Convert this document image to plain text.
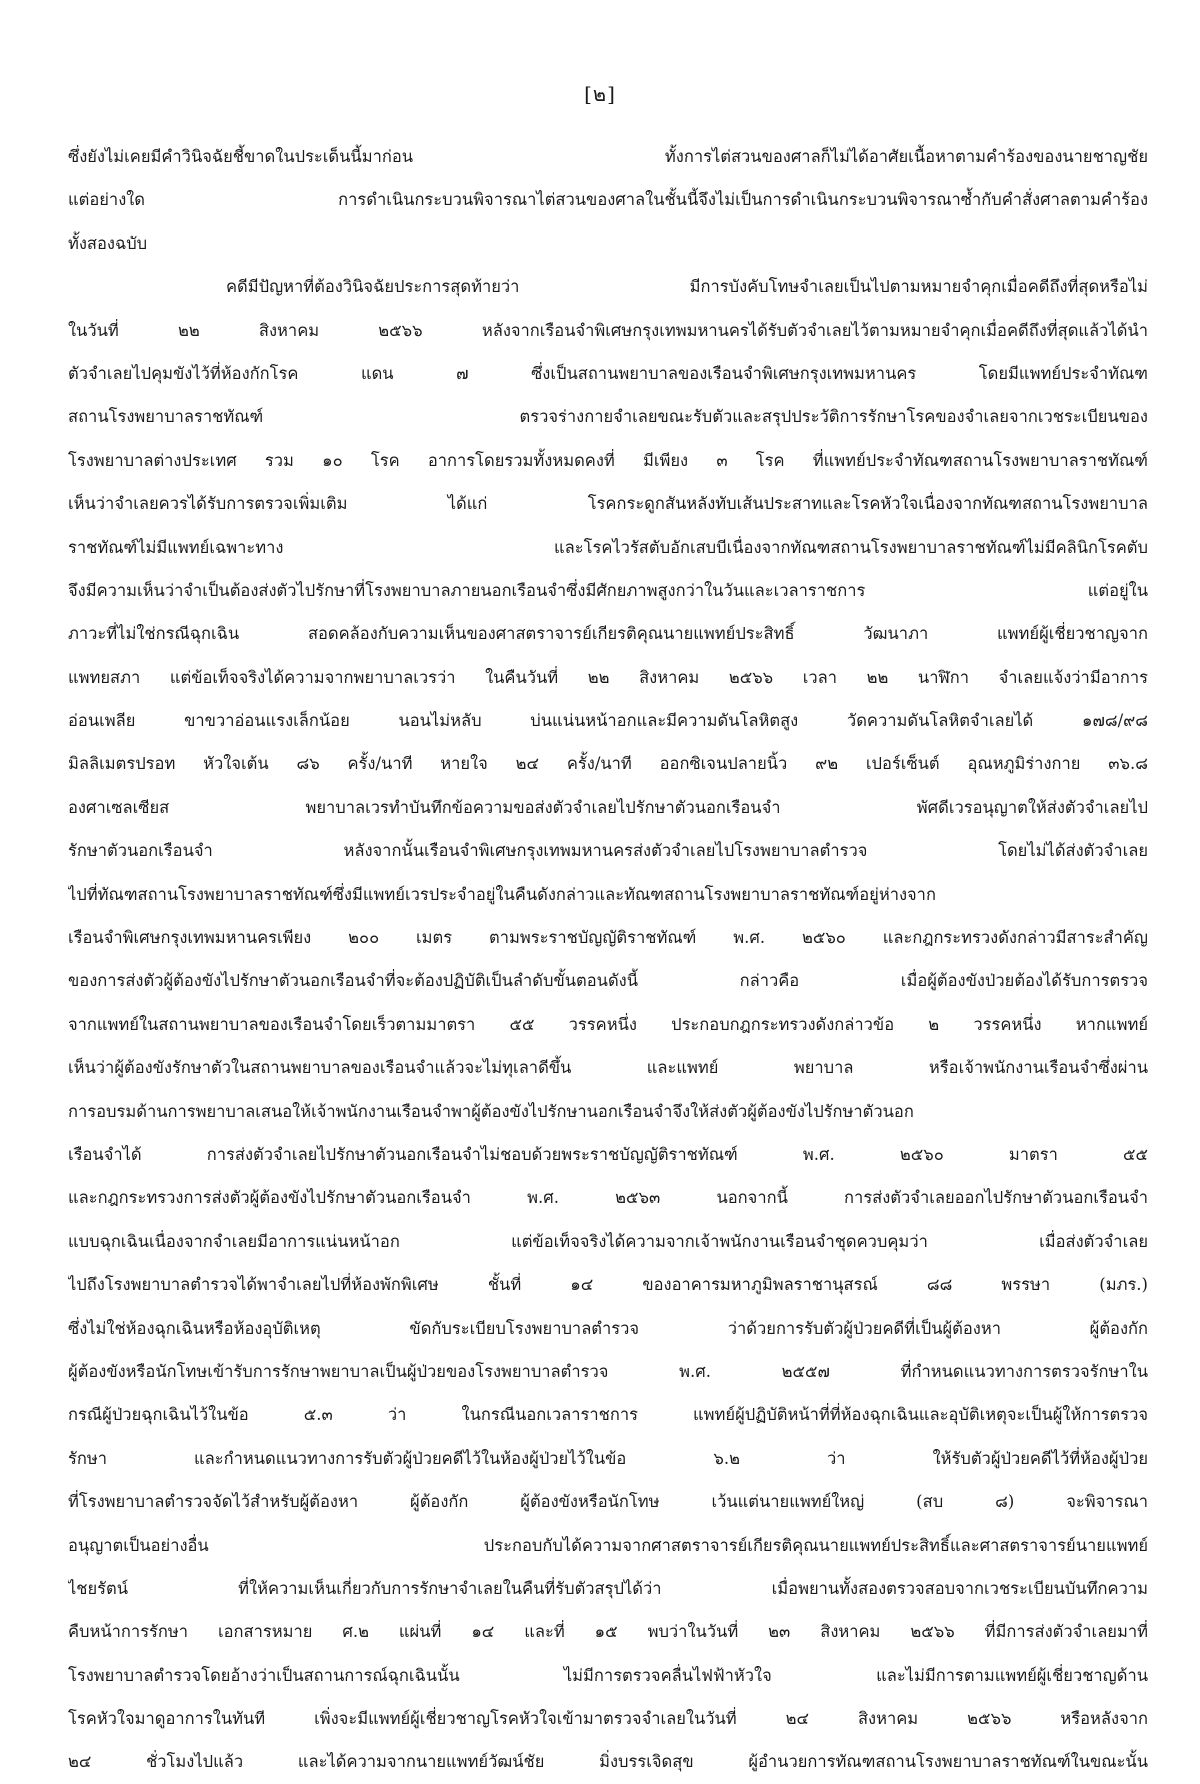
[๒]
ซึ่งยังไม่เคยมีคำวินิจฉัยชี้ขาดในประเด็นนี้มาก่อน ทั้งการไต่สวนของศาลก็ไม่ได้อาศัยเนื้อหาตามคำร้องของนายชาญชัย
แต่อย่างใด การดำเนินกระบวนพิจารณาไต่สวนของศาลในชั้นนี้จึงไม่เป็นการดำเนินกระบวนพิจารณาซ้ำกับคำสั่งศาลตามคำร้อง
ทั้งสองฉบับ
คดีมีปัญหาที่ต้องวินิจฉัยประการสุดท้ายว่า มีการบังคับโทษจำเลยเป็นไปตามหมายจำคุกเมื่อคดีถึงที่สุดหรือไม่
ในวันที่ ๒๒ สิงหาคม ๒๕๖๖ หลังจากเรือนจำพิเศษกรุงเทพมหานครได้รับตัวจำเลยไว้ตามหมายจำคุกเมื่อคดีถึงที่สุดแล้วได้นำ
ตัวจำเลยไปคุมขังไว้ที่ห้องกักโรค แดน ๗ ซึ่งเป็นสถานพยาบาลของเรือนจำพิเศษกรุงเทพมหานคร โดยมีแพทย์ประจำทัณฑ
สถานโรงพยาบาลราชทัณฑ์ ตรวจร่างกายจำเลยขณะรับตัวและสรุปประวัติการรักษาโรคของจำเลยจากเวชระเบียนของ
โรงพยาบาลต่างประเทศ รวม ๑๐ โรค อาการโดยรวมทั้งหมดคงที่ มีเพียง ๓ โรค ที่แพทย์ประจำทัณฑสถานโรงพยาบาลราชทัณฑ์
เห็นว่าจำเลยควรได้รับการตรวจเพิ่มเติม ได้แก่ โรคกระดูกสันหลังทับเส้นประสาทและโรคหัวใจเนื่องจากทัณฑสถานโรงพยาบาล
ราชทัณฑ์ไม่มีแพทย์เฉพาะทาง และโรคไวรัสตับอักเสบบีเนื่องจากทัณฑสถานโรงพยาบาลราชทัณฑ์ไม่มีคลินิกโรคตับ
จึงมีความเห็นว่าจำเป็นต้องส่งตัวไปรักษาที่โรงพยาบาลภายนอกเรือนจำซึ่งมีศักยภาพสูงกว่าในวันและเวลาราชการ แต่อยู่ใน
ภาวะที่ไม่ใช่กรณีฉุกเฉิน สอดคล้องกับความเห็นของศาสตราจารย์เกียรติคุณนายแพทย์ประสิทธิ์ วัฒนาภา แพทย์ผู้เชี่ยวชาญจาก
แพทยสภา แต่ข้อเท็จจริงได้ความจากพยาบาลเวรว่า ในคืนวันที่ ๒๒ สิงหาคม ๒๕๖๖ เวลา ๒๒ นาฬิกา จำเลยแจ้งว่ามีอาการ
อ่อนเพลีย ขาขวาอ่อนแรงเล็กน้อย นอนไม่หลับ บ่นแน่นหน้าอกและมีความดันโลหิตสูง วัดความดันโลหิตจำเลยได้ ๑๗๘/๙๘
มิลลิเมตรปรอท หัวใจเต้น ๘๖ ครั้ง/นาที หายใจ ๒๔ ครั้ง/นาที ออกซิเจนปลายนิ้ว ๙๒ เปอร์เซ็นต์ อุณหภูมิร่างกาย ๓๖.๘
องศาเซลเซียส พยาบาลเวรทำบันทึกข้อความขอส่งตัวจำเลยไปรักษาตัวนอกเรือนจำ พัศดีเวรอนุญาตให้ส่งตัวจำเลยไป
รักษาตัวนอกเรือนจำ หลังจากนั้นเรือนจำพิเศษกรุงเทพมหานครส่งตัวจำเลยไปโรงพยาบาลตำรวจ โดยไม่ได้ส่งตัวจำเลย
ไปที่ทัณฑสถานโรงพยาบาลราชทัณฑ์ซึ่งมีแพทย์เวรประจำอยู่ในคืนดังกล่าวและทัณฑสถานโรงพยาบาลราชทัณฑ์อยู่ห่างจาก
เรือนจำพิเศษกรุงเทพมหานครเพียง ๒๐๐ เมตร ตามพระราชบัญญัติราชทัณฑ์ พ.ศ. ๒๕๖๐ และกฎกระทรวงดังกล่าวมีสาระสำคัญ
ของการส่งตัวผู้ต้องขังไปรักษาตัวนอกเรือนจำที่จะต้องปฏิบัติเป็นลำดับขั้นตอนดังนี้ กล่าวคือ เมื่อผู้ต้องขังป่วยต้องได้รับการตรวจ
จากแพทย์ในสถานพยาบาลของเรือนจำโดยเร็วตามมาตรา ๕๕ วรรคหนึ่ง ประกอบกฎกระทรวงดังกล่าวข้อ ๒ วรรคหนึ่ง หากแพทย์
เห็นว่าผู้ต้องขังรักษาตัวในสถานพยาบาลของเรือนจำแล้วจะไม่ทุเลาดีขึ้น และแพทย์ พยาบาล หรือเจ้าพนักงานเรือนจำซึ่งผ่าน
การอบรมด้านการพยาบาลเสนอให้เจ้าพนักงานเรือนจำพาผู้ต้องขังไปรักษานอกเรือนจำจึงให้ส่งตัวผู้ต้องขังไปรักษาตัวนอก
เรือนจำได้ การส่งตัวจำเลยไปรักษาตัวนอกเรือนจำไม่ชอบด้วยพระราชบัญญัติราชทัณฑ์ พ.ศ. ๒๕๖๐ มาตรา ๕๕
และกฎกระทรวงการส่งตัวผู้ต้องขังไปรักษาตัวนอกเรือนจำ พ.ศ. ๒๕๖๓ นอกจากนี้ การส่งตัวจำเลยออกไปรักษาตัวนอกเรือนจำ
แบบฉุกเฉินเนื่องจากจำเลยมีอาการแน่นหน้าอก แต่ข้อเท็จจริงได้ความจากเจ้าพนักงานเรือนจำชุดควบคุมว่า เมื่อส่งตัวจำเลย
ไปถึงโรงพยาบาลตำรวจได้พาจำเลยไปที่ห้องพักพิเศษ ชั้นที่ ๑๔ ของอาคารมหาภูมิพลราชานุสรณ์ ๘๘ พรรษา (มภร.)
ซึ่งไม่ใช่ห้องฉุกเฉินหรือห้องอุบัติเหตุ ขัดกับระเบียบโรงพยาบาลตำรวจ ว่าด้วยการรับตัวผู้ป่วยคดีที่เป็นผู้ต้องหา ผู้ต้องกัก
ผู้ต้องขังหรือนักโทษเข้ารับการรักษาพยาบาลเป็นผู้ป่วยของโรงพยาบาลตำรวจ พ.ศ. ๒๕๕๗ ที่กำหนดแนวทางการตรวจรักษาใน
กรณีผู้ป่วยฉุกเฉินไว้ในข้อ ๕.๓ ว่า ในกรณีนอกเวลาราชการ แพทย์ผู้ปฏิบัติหน้าที่ที่ห้องฉุกเฉินและอุบัติเหตุจะเป็นผู้ให้การตรวจ
รักษา และกำหนดแนวทางการรับตัวผู้ป่วยคดีไว้ในห้องผู้ป่วยไว้ในข้อ ๖.๒ ว่า ให้รับตัวผู้ป่วยคดีไว้ที่ห้องผู้ป่วย
ที่โรงพยาบาลตำรวจจัดไว้สำหรับผู้ต้องหา ผู้ต้องกัก ผู้ต้องขังหรือนักโทษ เว้นแต่นายแพทย์ใหญ่ (สบ ๘) จะพิจารณา
อนุญาตเป็นอย่างอื่น ประกอบกับได้ความจากศาสตราจารย์เกียรติคุณนายแพทย์ประสิทธิ์และศาสตราจารย์นายแพทย์
ไชยรัตน์ ที่ให้ความเห็นเกี่ยวกับการรักษาจำเลยในคืนที่รับตัวสรุปได้ว่า เมื่อพยานทั้งสองตรวจสอบจากเวชระเบียนบันทึกความ
คืบหน้าการรักษา เอกสารหมาย ศ.๒ แผ่นที่ ๑๔ และที่ ๑๕ พบว่าในวันที่ ๒๓ สิงหาคม ๒๕๖๖ ที่มีการส่งตัวจำเลยมาที่
โรงพยาบาลตำรวจโดยอ้างว่าเป็นสถานการณ์ฉุกเฉินนั้น ไม่มีการตรวจคลื่นไฟฟ้าหัวใจ และไม่มีการตามแพทย์ผู้เชี่ยวชาญด้าน
โรคหัวใจมาดูอาการในทันที เพิ่งจะมีแพทย์ผู้เชี่ยวชาญโรคหัวใจเข้ามาตรวจจำเลยในวันที่ ๒๔ สิงหาคม ๒๕๖๖ หรือหลังจาก
๒๔ ชั่วโมงไปแล้ว และได้ความจากนายแพทย์วัฒน์ชัย มิ่งบรรเจิดสุข ผู้อำนวยการทัณฑสถานโรงพยาบาลราชทัณฑ์ในขณะนั้น
